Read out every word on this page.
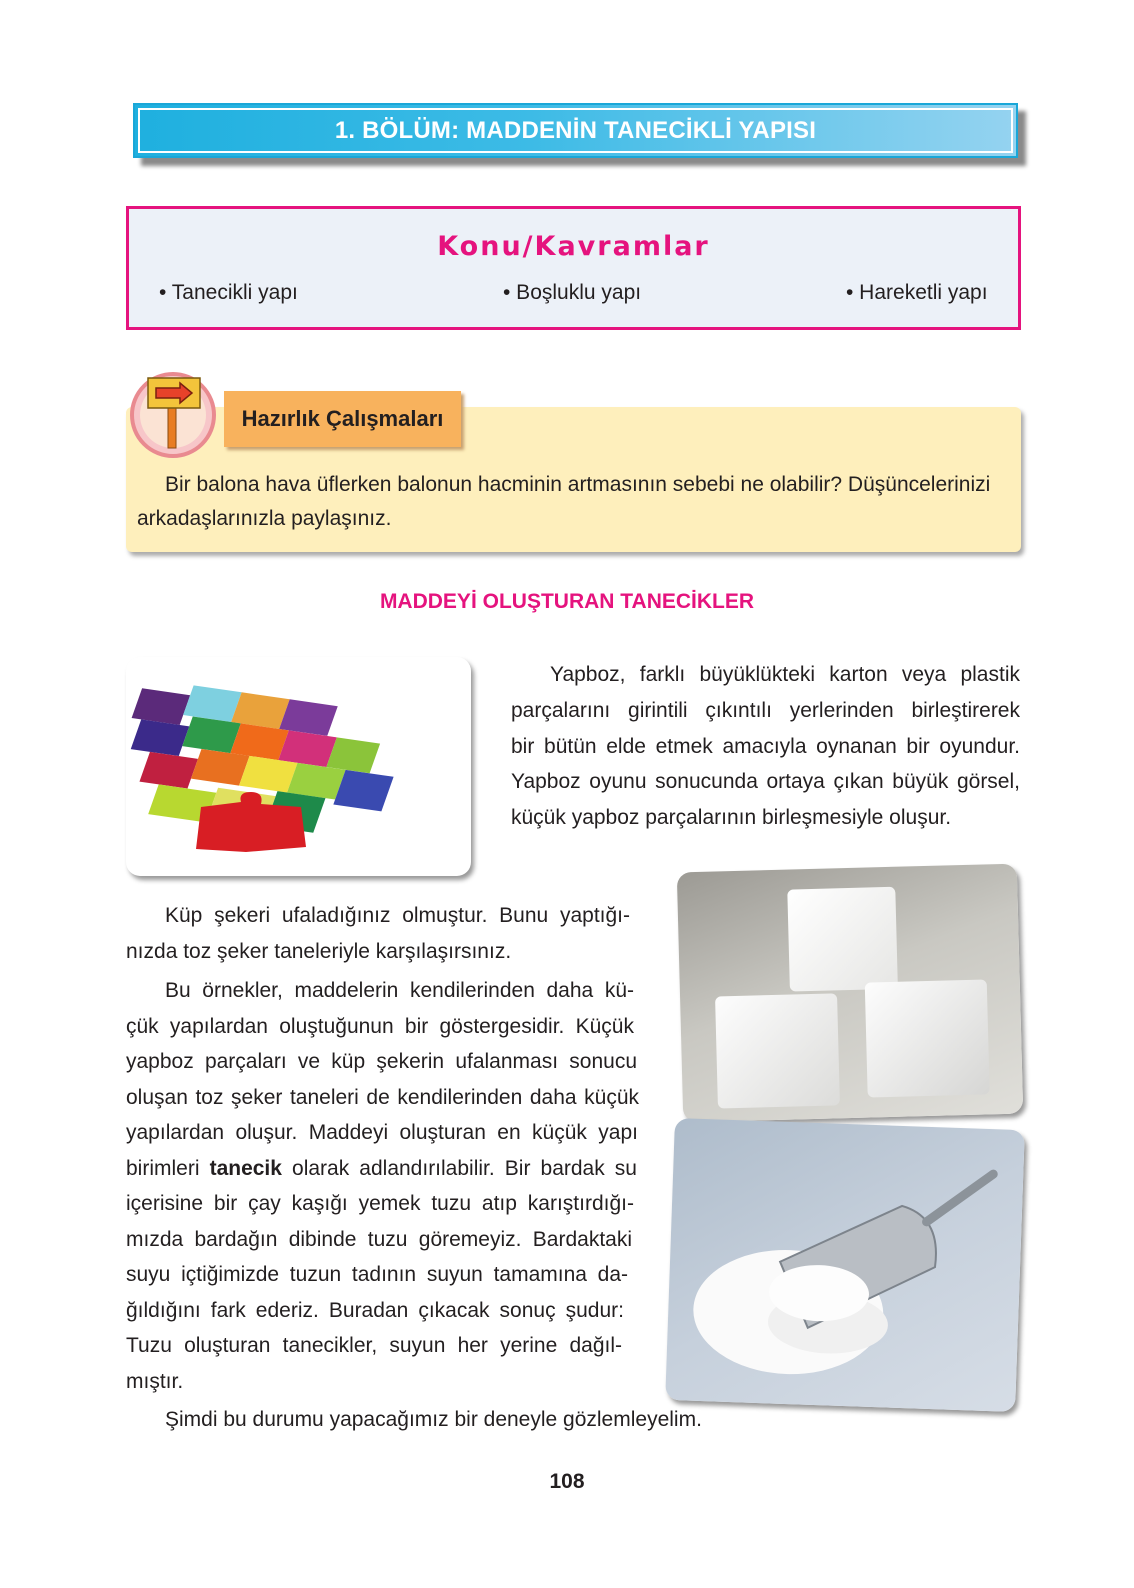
1. BÖLÜM: MADDENİN TANECİKLİ YAPISI
Konu/Kavramlar
• Tanecikli yapı	• Boşluklu yapı	• Hareketli yapı
Hazırlık Çalışmaları
Bir balona hava üflerken balonun hacminin artmasının sebebi ne olabilir? Düşüncelerinizi
arkadaşlarınızla paylaşınız.
MADDEYİ OLUŞTURAN TANECİKLER
Yapboz, farklı büyüklükteki karton veya plastik
parçalarını girintili çıkıntılı yerlerinden birleştirerek
bir bütün elde etmek amacıyla oynanan bir oyundur.
Yapboz oyunu sonucunda ortaya çıkan büyük görsel,
küçük yapboz parçalarının birleşmesiyle oluşur.
Küp şekeri ufaladığınız olmuştur. Bunu yaptığı-
nızda toz şeker taneleriyle karşılaşırsınız.
Bu örnekler, maddelerin kendilerinden daha kü-
çük yapılardan oluştuğunun bir göstergesidir. Küçük
yapboz parçaları ve küp şekerin ufalanması sonucu
oluşan toz şeker taneleri de kendilerinden daha küçük
yapılardan oluşur. Maddeyi oluşturan en küçük yapı
birimleri tanecik olarak adlandırılabilir. Bir bardak su
içerisine bir çay kaşığı yemek tuzu atıp karıştırdığı-
mızda bardağın dibinde tuzu göremeyiz. Bardaktaki
suyu içtiğimizde tuzun tadının suyun tamamına da-
ğıldığını fark ederiz. Buradan çıkacak sonuç şudur:
Tuzu oluşturan tanecikler, suyun her yerine dağıl-
mıştır.
Şimdi bu durumu yapacağımız bir deneyle gözlemleyelim.
108
